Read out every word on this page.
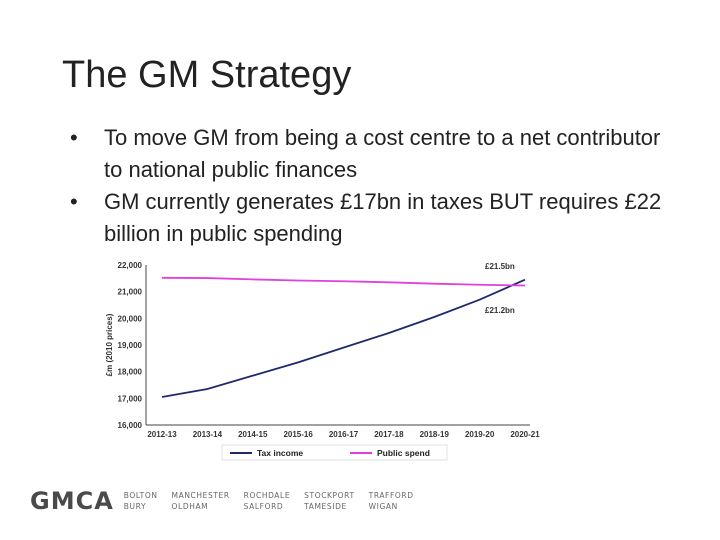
The GM Strategy
• To move GM from being a cost centre to a net contributor to national public finances
• GM currently generates £17bn in taxes BUT requires £22 billion in public spending
22,000
21,000
20,000
19,000
18,000
17,000
16,000
£m (2010 prices)
2012-13 2013-14 2014-15 2015-16 2016-17 2017-18 2018-19 2019-20 2020-21
£21.5bn
£21.2bn
Tax income	Public spend
GMCA BOLTON
BURY
MANCHESTER
OLDHAM
ROCHDALE
SALFORD
STOCKPORT
TAMESIDE
TRAFFORD
WIGAN
